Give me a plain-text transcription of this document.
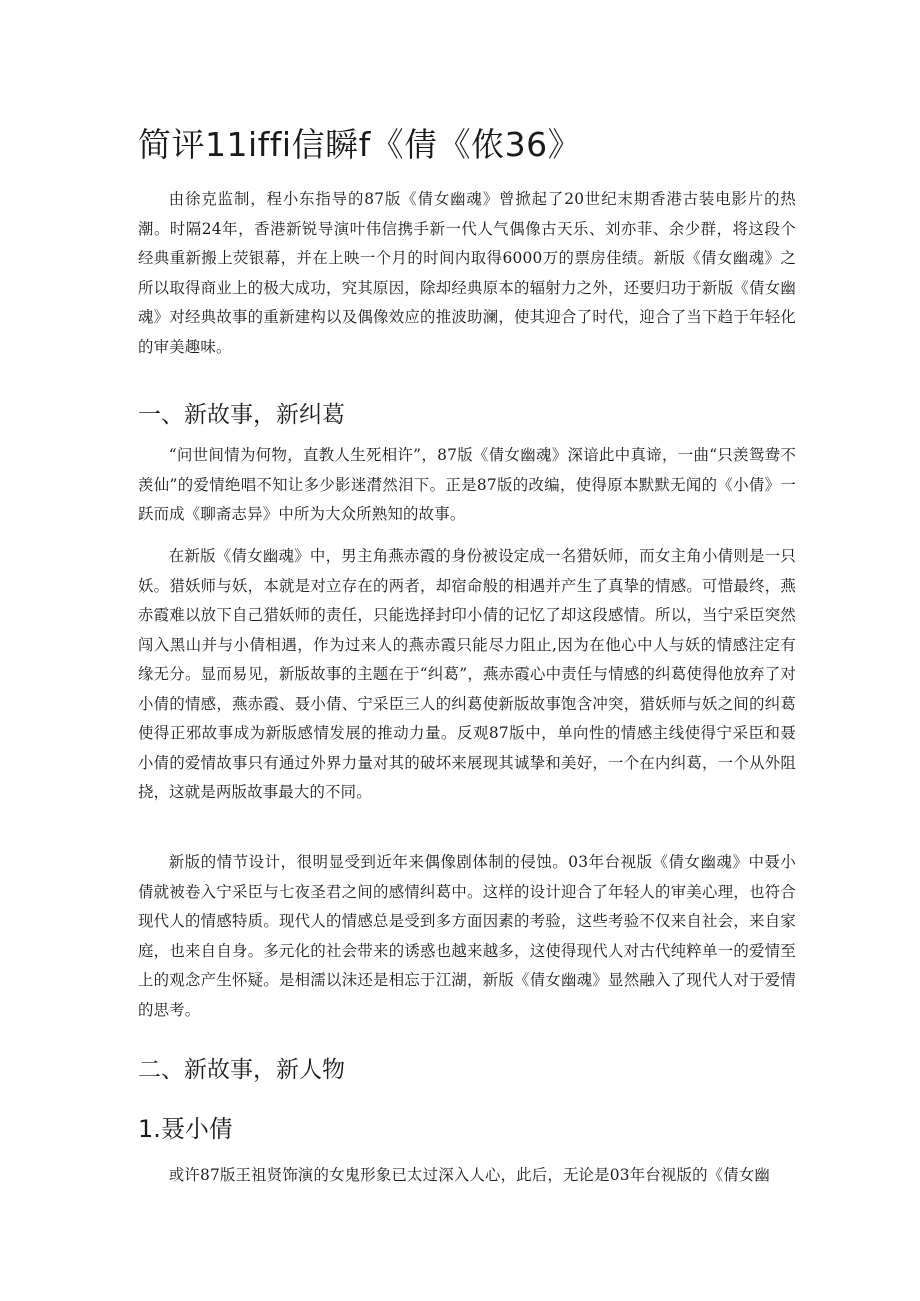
简评11iffi信瞬f《倩《侬36》

由徐克监制，程小东指导的87版《倩女幽魂》曾掀起了20世纪末期香港古装电影片的热潮。时隔24年，香港新锐导演叶伟信携手新一代人气偶像古天乐、刘亦菲、余少群，将这段个经典重新搬上荧银幕，并在上映一个月的时间内取得6000万的票房佳绩。新版《倩女幽魂》之所以取得商业上的极大成功，究其原因，除却经典原本的辐射力之外，还要归功于新版《倩女幽魂》对经典故事的重新建构以及偶像效应的推波助澜，使其迎合了时代，迎合了当下趋于年轻化的审美趣味。

一、新故事，新纠葛

“问世间情为何物，直教人生死相许”，87版《倩女幽魂》深谙此中真谛，一曲“只羡鸳鸯不羡仙”的爱情绝唱不知让多少影迷潸然泪下。正是87版的改编，使得原本默默无闻的《小倩》一跃而成《聊斋志异》中所为大众所熟知的故事。

在新版《倩女幽魂》中，男主角燕赤霞的身份被设定成一名猎妖师，而女主角小倩则是一只妖。猎妖师与妖，本就是对立存在的两者，却宿命般的相遇并产生了真挚的情感。可惜最终，燕赤霞难以放下自己猎妖师的责任，只能选择封印小倩的记忆了却这段感情。所以，当宁采臣突然闯入黑山并与小倩相遇，作为过来人的燕赤霞只能尽力阻止,因为在他心中人与妖的情感注定有缘无分。显而易见，新版故事的主题在于“纠葛”，燕赤霞心中责任与情感的纠葛使得他放弃了对小倩的情感，燕赤霞、聂小倩、宁采臣三人的纠葛使新版故事饱含冲突，猎妖师与妖之间的纠葛使得正邪故事成为新版感情发展的推动力量。反观87版中，单向性的情感主线使得宁采臣和聂小倩的爱情故事只有通过外界力量对其的破坏来展现其诚挚和美好，一个在内纠葛，一个从外阻挠，这就是两版故事最大的不同。

新版的情节设计，很明显受到近年来偶像剧体制的侵蚀。03年台视版《倩女幽魂》中聂小倩就被卷入宁采臣与七夜圣君之间的感情纠葛中。这样的设计迎合了年轻人的审美心理，也符合现代人的情感特质。现代人的情感总是受到多方面因素的考验，这些考验不仅来自社会，来自家庭，也来自自身。多元化的社会带来的诱惑也越来越多，这使得现代人对古代纯粹单一的爱情至上的观念产生怀疑。是相濡以沫还是相忘于江湖，新版《倩女幽魂》显然融入了现代人对于爱情的思考。

二、新故事，新人物
1.聂小倩

或许87版王祖贤饰演的女鬼形象已太过深入人心，此后，无论是03年台视版的《倩女幽
